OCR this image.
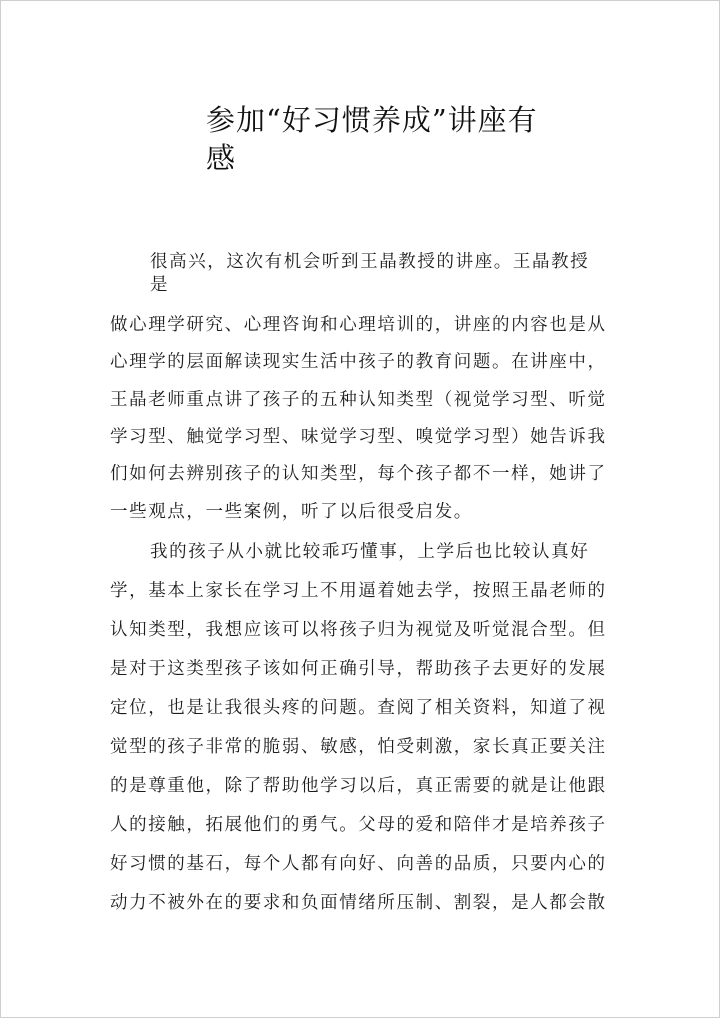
参加“好习惯养成”讲座有
感
很高兴，这次有机会听到王晶教授的讲座。王晶教授
是
做心理学研究、心理咨询和心理培训的，讲座的内容也是从
心理学的层面解读现实生活中孩子的教育问题。在讲座中，
王晶老师重点讲了孩子的五种认知类型（视觉学习型、听觉
学习型、触觉学习型、味觉学习型、嗅觉学习型）她告诉我
们如何去辨别孩子的认知类型，每个孩子都不一样，她讲了
一些观点，一些案例，听了以后很受启发。
我的孩子从小就比较乖巧懂事，上学后也比较认真好
学，基本上家长在学习上不用逼着她去学，按照王晶老师的
认知类型，我想应该可以将孩子归为视觉及听觉混合型。但
是对于这类型孩子该如何正确引导，帮助孩子去更好的发展
定位，也是让我很头疼的问题。查阅了相关资料，知道了视
觉型的孩子非常的脆弱、敏感，怕受刺激，家长真正要关注
的是尊重他，除了帮助他学习以后，真正需要的就是让他跟
人的接触，拓展他们的勇气。父母的爱和陪伴才是培养孩子
好习惯的基石，每个人都有向好、向善的品质，只要内心的
动力不被外在的要求和负面情绪所压制、割裂，是人都会散
